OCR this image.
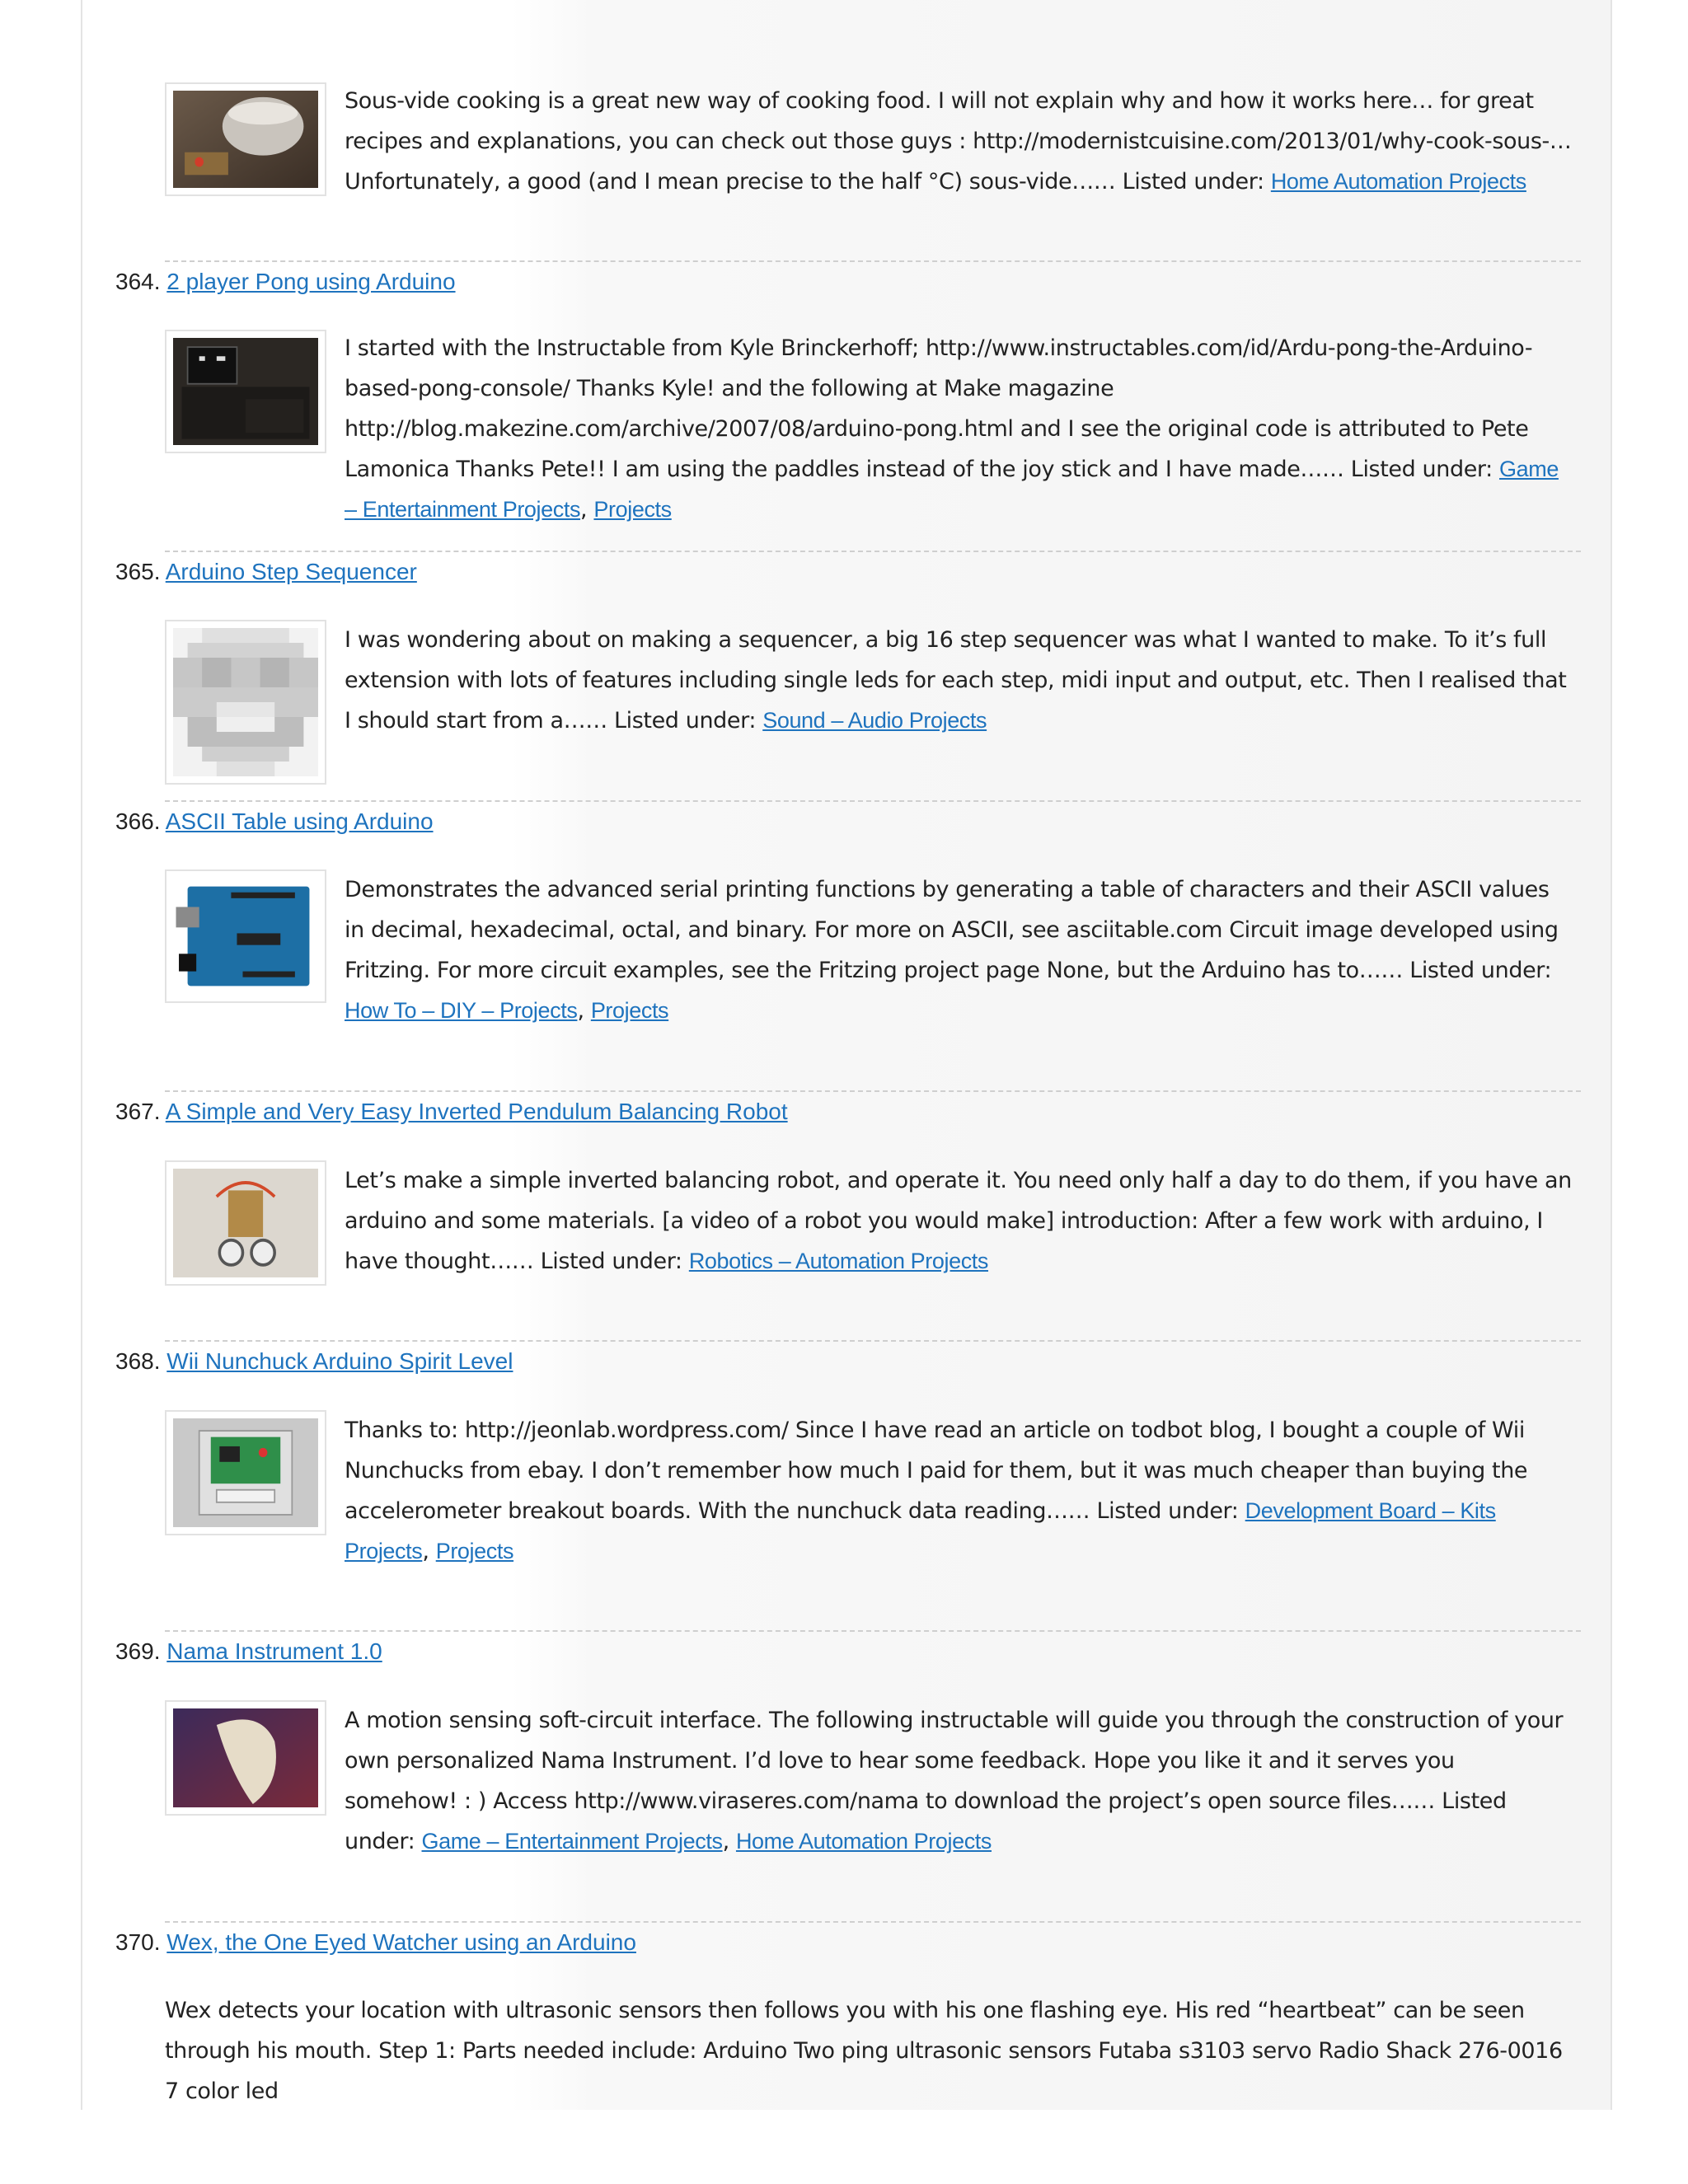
Sous-vide cooking is a great new way of cooking food. I will not explain why and how it works here… for great recipes and explanations, you can check out those guys : http://modernistcuisine.com/2013/01/why-cook-sous-… Unfortunately, a good (and I mean precise to the half °C) sous-vide…… Listed under: Home Automation Projects
364. 2 player Pong using Arduino
I started with the Instructable from Kyle Brinckerhoff; http://www.instructables.com/id/Ardu-pong-the-Arduino-based-pong-console/ Thanks Kyle! and the following at Make magazine http://blog.makezine.com/archive/2007/08/arduino-pong.html and I see the original code is attributed to Pete Lamonica Thanks Pete!! I am using the paddles instead of the joy stick and I have made…… Listed under: Game – Entertainment Projects, Projects
365. Arduino Step Sequencer
I was wondering about on making a sequencer, a big 16 step sequencer was what I wanted to make. To it’s full extension with lots of features including single leds for each step, midi input and output, etc. Then I realised that I should start from a…… Listed under: Sound – Audio Projects
366. ASCII Table using Arduino
Demonstrates the advanced serial printing functions by generating a table of characters and their ASCII values in decimal, hexadecimal, octal, and binary. For more on ASCII, see asciitable.com Circuit image developed using Fritzing. For more circuit examples, see the Fritzing project page None, but the Arduino has to…… Listed under: How To – DIY – Projects, Projects
367. A Simple and Very Easy Inverted Pendulum Balancing Robot
Let’s make a simple inverted balancing robot, and operate it. You need only half a day to do them, if you have an arduino and some materials. [a video of a robot you would make] introduction: After a few work with arduino, I have thought…… Listed under: Robotics – Automation Projects
368. Wii Nunchuck Arduino Spirit Level
Thanks to: http://jeonlab.wordpress.com/ Since I have read an article on todbot blog, I bought a couple of Wii Nunchucks from ebay. I don’t remember how much I paid for them, but it was much cheaper than buying the accelerometer breakout boards. With the nunchuck data reading…… Listed under: Development Board – Kits Projects, Projects
369. Nama Instrument 1.0
A motion sensing soft-circuit interface. The following instructable will guide you through the construction of your own personalized Nama Instrument. I’d love to hear some feedback. Hope you like it and it serves you somehow! : ) Access http://www.viraseres.com/nama to download the project’s open source files…… Listed under: Game – Entertainment Projects, Home Automation Projects
370. Wex, the One Eyed Watcher using an Arduino
Wex detects your location with ultrasonic sensors then follows you with his one flashing eye. His red “heartbeat” can be seen through his mouth. Step 1: Parts needed include: Arduino Two ping ultrasonic sensors Futaba s3103 servo Radio Shack 276-0016 7 color led
